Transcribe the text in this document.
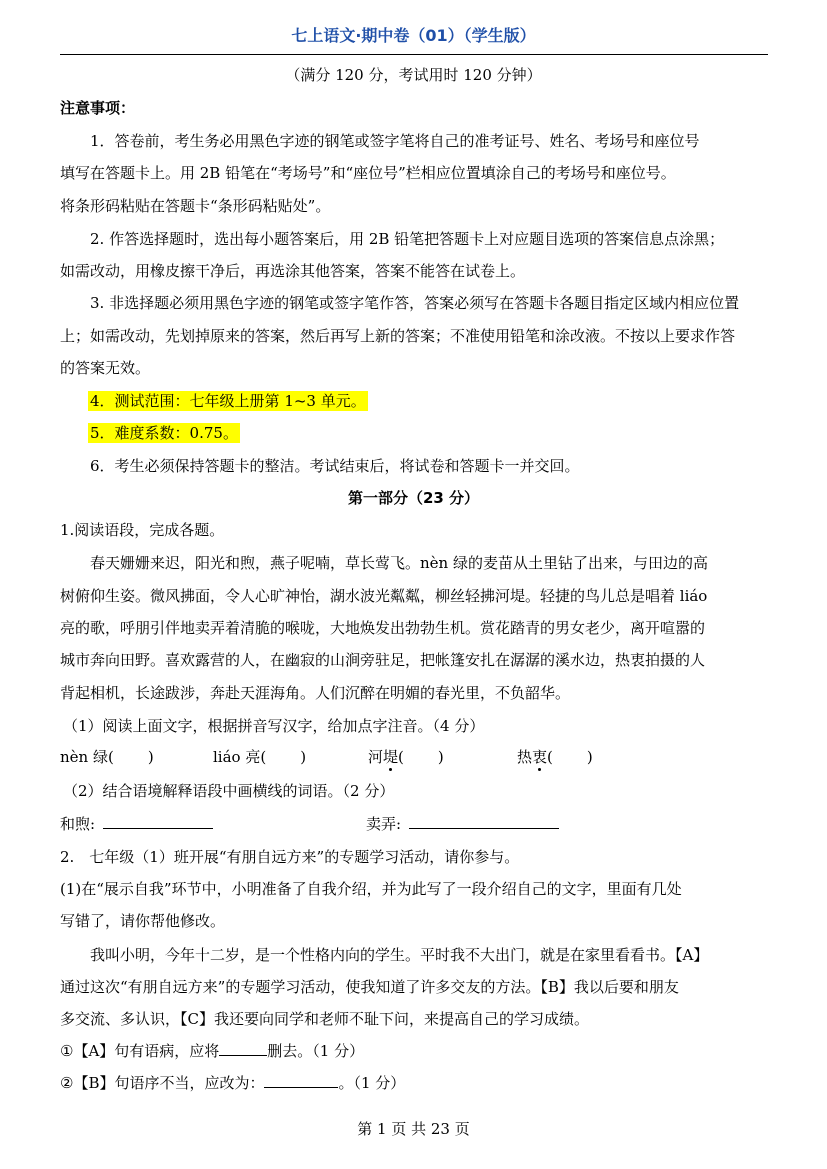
七上语文·期中卷（01）（学生版）
（满分 120 分，考试用时 120 分钟）
注意事项：
1．答卷前，考生务必用黑色字迹的钢笔或签字笔将自己的准考证号、姓名、考场号和座位号
填写在答题卡上。用 2B 铅笔在“考场号”和“座位号”栏相应位置填涂自己的考场号和座位号。
将条形码粘贴在答题卡“条形码粘贴处”。
2. 作答选择题时，选出每小题答案后，用 2B 铅笔把答题卡上对应题目选项的答案信息点涂黑；
如需改动，用橡皮擦干净后，再选涂其他答案，答案不能答在试卷上。
3. 非选择题必须用黑色字迹的钢笔或签字笔作答，答案必须写在答题卡各题目指定区域内相应位置
上；如需改动，先划掉原来的答案，然后再写上新的答案；不准使用铅笔和涂改液。不按以上要求作答
的答案无效。
4．测试范围：七年级上册第 1~3 单元。
5．难度系数：0.75。
6．考生必须保持答题卡的整洁。考试结束后，将试卷和答题卡一并交回。
第一部分（23 分）
1.阅读语段，完成各题。
春天姗姗来迟，阳光和煦，燕子呢喃，草长莺飞。nèn 绿的麦苗从土里钻了出来，与田边的高
树俯仰生姿。微风拂面，令人心旷神怡，湖水波光粼粼，柳丝轻拂河堤。轻捷的鸟儿总是唱着 liáo
亮的歌，呼朋引伴地卖弄着清脆的喉咙，大地焕发出勃勃生机。赏花踏青的男女老少，离开喧嚣的
城市奔向田野。喜欢露营的人，在幽寂的山涧旁驻足，把帐篷安扎在潺潺的溪水边，热衷拍摄的人
背起相机，长途跋涉，奔赴天涯海角。人们沉醉在明媚的春光里，不负韶华。
（1）阅读上面文字，根据拼音写汉字，给加点字注音。（4 分）
nèn 绿( )	liáo 亮( )	河堤( )	热衷( )
（2）结合语境解释语段中画横线的词语。（2 分）
和煦:	卖弄:
2.　七年级（1）班开展“有朋自远方来”的专题学习活动，请你参与。
(1)在“展示自我”环节中，小明准备了自我介绍，并为此写了一段介绍自己的文字，里面有几处
写错了，请你帮他修改。
我叫小明，今年十二岁，是一个性格内向的学生。平时我不大出门，就是在家里看看书。【A】
通过这次“有朋自远方来”的专题学习活动，使我知道了许多交友的方法。【B】我以后要和朋友
多交流、多认识，【C】我还要向同学和老师不耻下问，来提高自己的学习成绩。
①【A】句有语病，应将	删去。（1 分）
②【B】句语序不当，应改为：	。（1 分）
第 1 页 共 23 页
